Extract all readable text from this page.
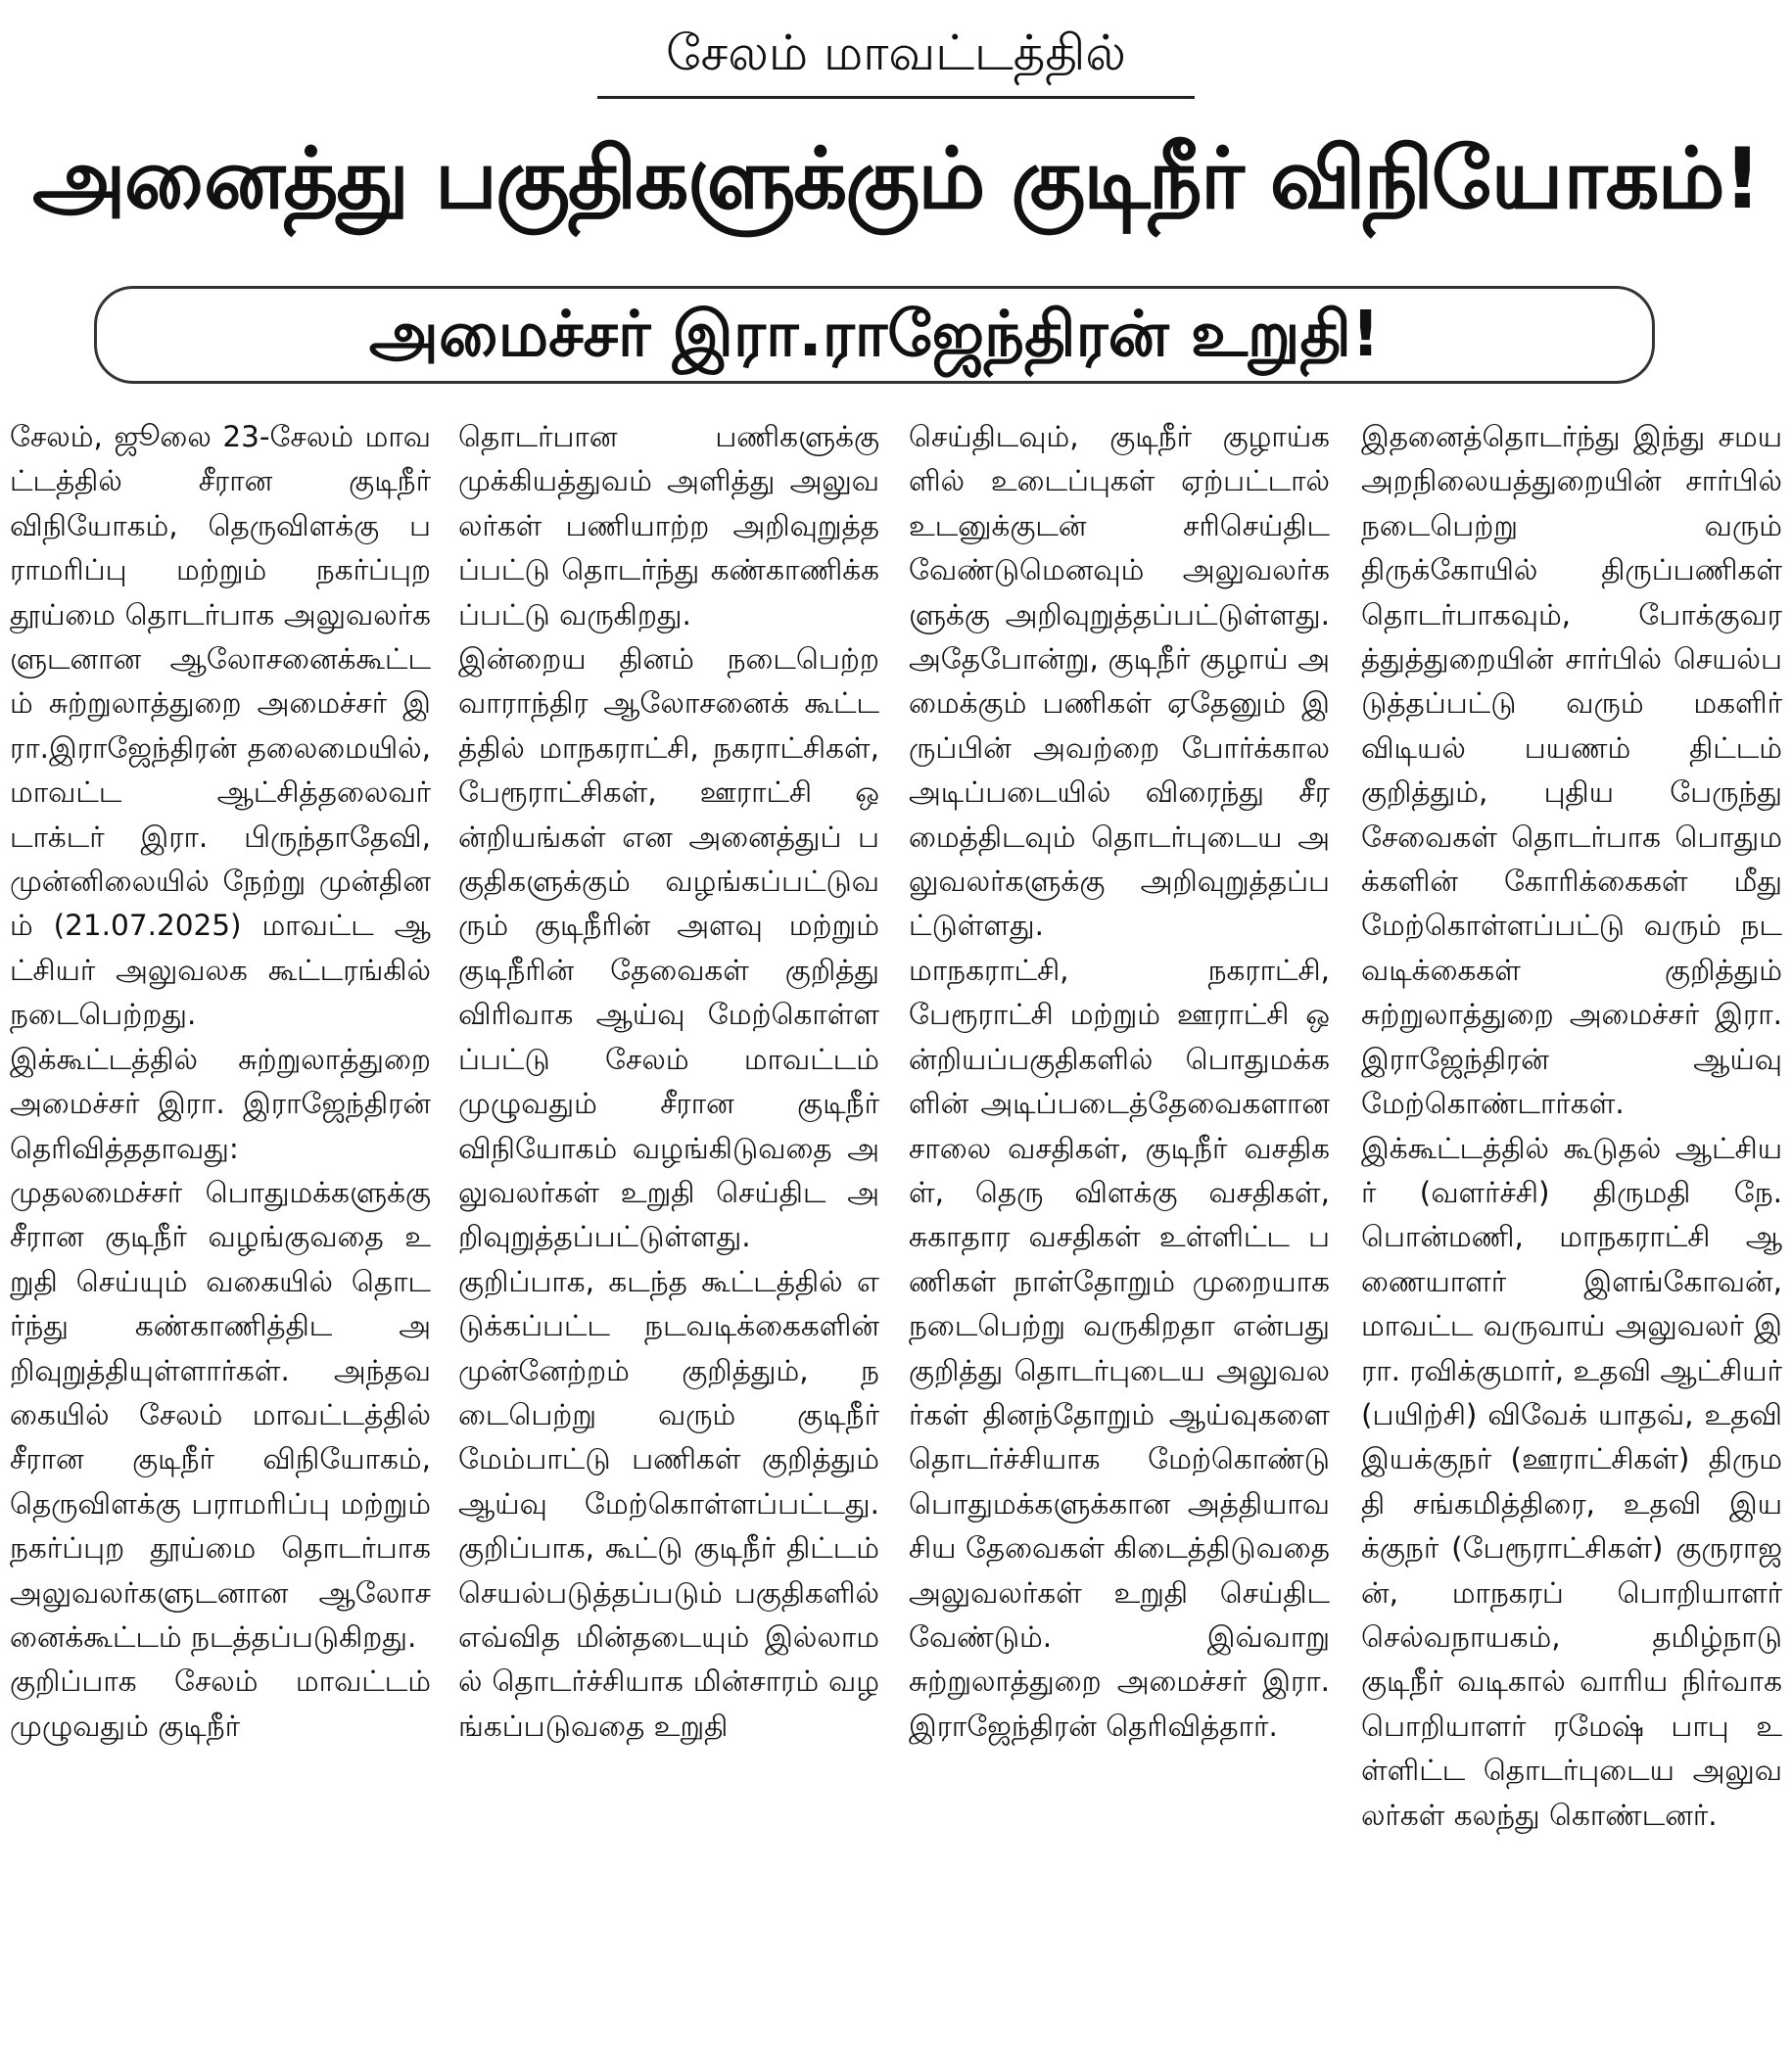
சேலம் மாவட்டத்தில்
அனைத்து பகுதிகளுக்கும் குடிநீர் விநியோகம்!
அமைச்சர் இரா.ராஜேந்திரன் உறுதி!

சேலம், ஜூலை 23-சேலம் மாவட்டத்தில் சீரான குடிநீர் விநியோகம், தெருவிளக்கு பராமரிப்பு மற்றும் நகர்ப்புற தூய்மை தொடர்பாக அலுவலர்களுடனான ஆலோசனைக்கூட்டம் சுற்றுலாத்துறை அமைச்சர் இரா.இராஜேந்திரன் தலைமையில், மாவட்ட ஆட்சித்தலைவர் டாக்டர் இரா. பிருந்தாதேவி, முன்னிலையில் நேற்று முன்தினம் (21.07.2025) மாவட்ட ஆட்சியர் அலுவலக கூட்டரங்கில் நடைபெற்றது.

இக்கூட்டத்தில் சுற்றுலாத்துறை அமைச்சர் இரா. இராஜேந்திரன் தெரிவித்ததாவது:

முதலமைச்சர் பொதுமக்களுக்கு சீரான குடிநீர் வழங்குவதை உறுதி செய்யும் வகையில் தொடர்ந்து கண்காணித்திட அறிவுறுத்தியுள்ளார்கள். அந்தவகையில் சேலம் மாவட்டத்தில் சீரான குடிநீர் விநியோகம், தெருவிளக்கு பராமரிப்பு மற்றும் நகர்ப்புற தூய்மை தொடர்பாக அலுவலர்களுடனான ஆலோசனைக்கூட்டம் நடத்தப்படுகிறது.

குறிப்பாக சேலம் மாவட்டம் முழுவதும் குடிநீர்

தொடர்பான பணிகளுக்கு முக்கியத்துவம் அளித்து அலுவலர்கள் பணியாற்ற அறிவுறுத்தப்பட்டு தொடர்ந்து கண்காணிக்கப்பட்டு வருகிறது.

இன்றைய தினம் நடைபெற்ற வாராந்திர ஆலோசனைக் கூட்டத்தில் மாநகராட்சி, நகராட்சிகள், பேரூராட்சிகள், ஊராட்சி ஒன்றியங்கள் என அனைத்துப் பகுதிகளுக்கும் வழங்கப்பட்டுவரும் குடிநீரின் அளவு மற்றும் குடிநீரின் தேவைகள் குறித்து விரிவாக ஆய்வு மேற்கொள்ளப்பட்டு சேலம் மாவட்டம் முழுவதும் சீரான குடிநீர் விநியோகம் வழங்கிடுவதை அலுவலர்கள் உறுதி செய்திட அறிவுறுத்தப்பட்டுள்ளது.

குறிப்பாக, கடந்த கூட்டத்தில் எடுக்கப்பட்ட நடவடிக்கைகளின் முன்னேற்றம் குறித்தும், நடைபெற்று வரும் குடிநீர் மேம்பாட்டு பணிகள் குறித்தும் ஆய்வு மேற்கொள்ளப்பட்டது. குறிப்பாக, கூட்டு குடிநீர் திட்டம் செயல்படுத்தப்படும் பகுதிகளில் எவ்வித மின்தடையும் இல்லாமல் தொடர்ச்சியாக மின்சாரம் வழங்கப்படுவதை உறுதி

செய்திடவும், குடிநீர் குழாய்களில் உடைப்புகள் ஏற்பட்டால் உடனுக்குடன் சரிசெய்திட வேண்டுமெனவும் அலுவலர்களுக்கு அறிவுறுத்தப்பட்டுள்ளது. அதேபோன்று, குடிநீர் குழாய் அமைக்கும் பணிகள் ஏதேனும் இருப்பின் அவற்றை போர்க்கால அடிப்படையில் விரைந்து சீரமைத்திடவும் தொடர்புடைய அலுவலர்களுக்கு அறிவுறுத்தப்பட்டுள்ளது.

மாநகராட்சி, நகராட்சி, பேரூராட்சி மற்றும் ஊராட்சி ஒன்றியப்பகுதிகளில் பொதுமக்களின் அடிப்படைத்தேவைகளான சாலை வசதிகள், குடிநீர் வசதிகள், தெரு விளக்கு வசதிகள், சுகாதார வசதிகள் உள்ளிட்ட பணிகள் நாள்தோறும் முறையாக நடைபெற்று வருகிறதா என்பது குறித்து தொடர்புடைய அலுவலர்கள் தினந்தோறும் ஆய்வுகளை தொடர்ச்சியாக மேற்கொண்டு பொதுமக்களுக்கான அத்தியாவசிய தேவைகள் கிடைத்திடுவதை அலுவலர்கள் உறுதி செய்திட வேண்டும். இவ்வாறு சுற்றுலாத்துறை அமைச்சர் இரா.இராஜேந்திரன் தெரிவித்தார்.

இதனைத்தொடர்ந்து இந்து சமய அறநிலையத்துறையின் சார்பில் நடைபெற்று வரும் திருக்கோயில் திருப்பணிகள் தொடர்பாகவும், போக்குவரத்துத்துறையின் சார்பில் செயல்படுத்தப்பட்டு வரும் மகளிர் விடியல் பயணம் திட்டம் குறித்தும், புதிய பேருந்து சேவைகள் தொடர்பாக பொதுமக்களின் கோரிக்கைகள் மீது மேற்கொள்ளப்பட்டு வரும் நடவடிக்கைகள் குறித்தும் சுற்றுலாத்துறை அமைச்சர் இரா. இராஜேந்திரன் ஆய்வு மேற்கொண்டார்கள்.

இக்கூட்டத்தில் கூடுதல் ஆட்சியர் (வளர்ச்சி) திருமதி நே.பொன்மணி, மாநகராட்சி ஆணையாளர் இளங்கோவன், மாவட்ட வருவாய் அலுவலர் இரா. ரவிக்குமார், உதவி ஆட்சியர் (பயிற்சி) விவேக் யாதவ், உதவி இயக்குநர் (ஊராட்சிகள்) திருமதி சங்கமித்திரை, உதவி இயக்குநர் (பேரூராட்சிகள்) குருராஜன், மாநகரப் பொறியாளர் செல்வநாயகம், தமிழ்நாடு குடிநீர் வடிகால் வாரிய நிர்வாக பொறியாளர் ரமேஷ் பாபு உள்ளிட்ட தொடர்புடைய அலுவலர்கள் கலந்து கொண்டனர்.
